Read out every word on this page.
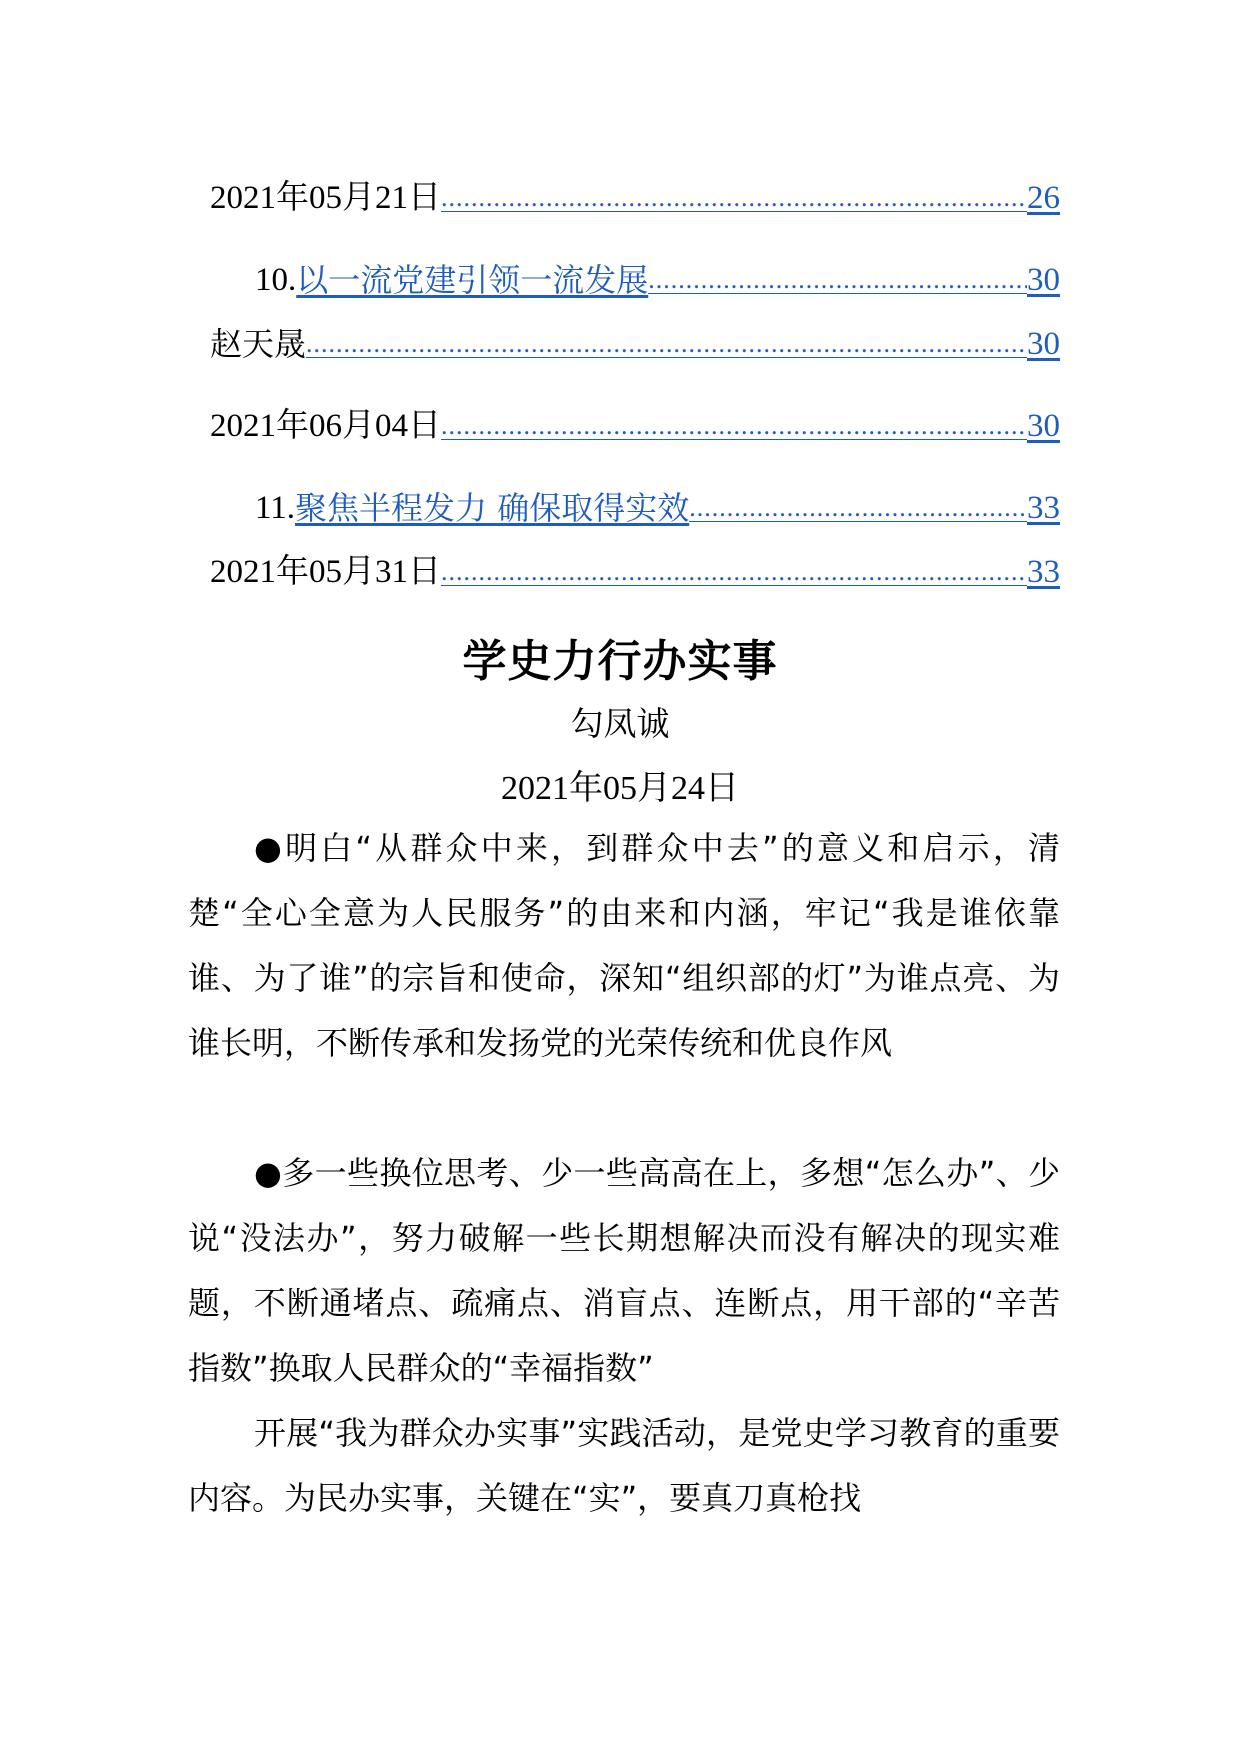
2021年05月21日 .....	26
10. 以一流党建引领一流发展 .....	30
赵天晟 .....	30
2021年06月04日 .....	30
11. 聚焦半程发力 确保取得实效 .....	33
2021年05月31日 .....	33
学史力行办实事
勾凤诚
2021年05月24日

●明白“从群众中来，到群众中去”的意义和启示，清楚“全心全意为人民服务”的由来和内涵，牢记“我是谁依靠谁、为了谁”的宗旨和使命，深知“组织部的灯”为谁点亮、为谁长明，不断传承和发扬党的光荣传统和优良作风

●多一些换位思考、少一些高高在上，多想“怎么办”、少说“没法办”，努力破解一些长期想解决而没有解决的现实难题，不断通堵点、疏痛点、消盲点、连断点，用干部的“辛苦指数”换取人民群众的“幸福指数”

开展“我为群众办实事”实践活动，是党史学习教育的重要内容。为民办实事，关键在“实”，要真刀真枪找
